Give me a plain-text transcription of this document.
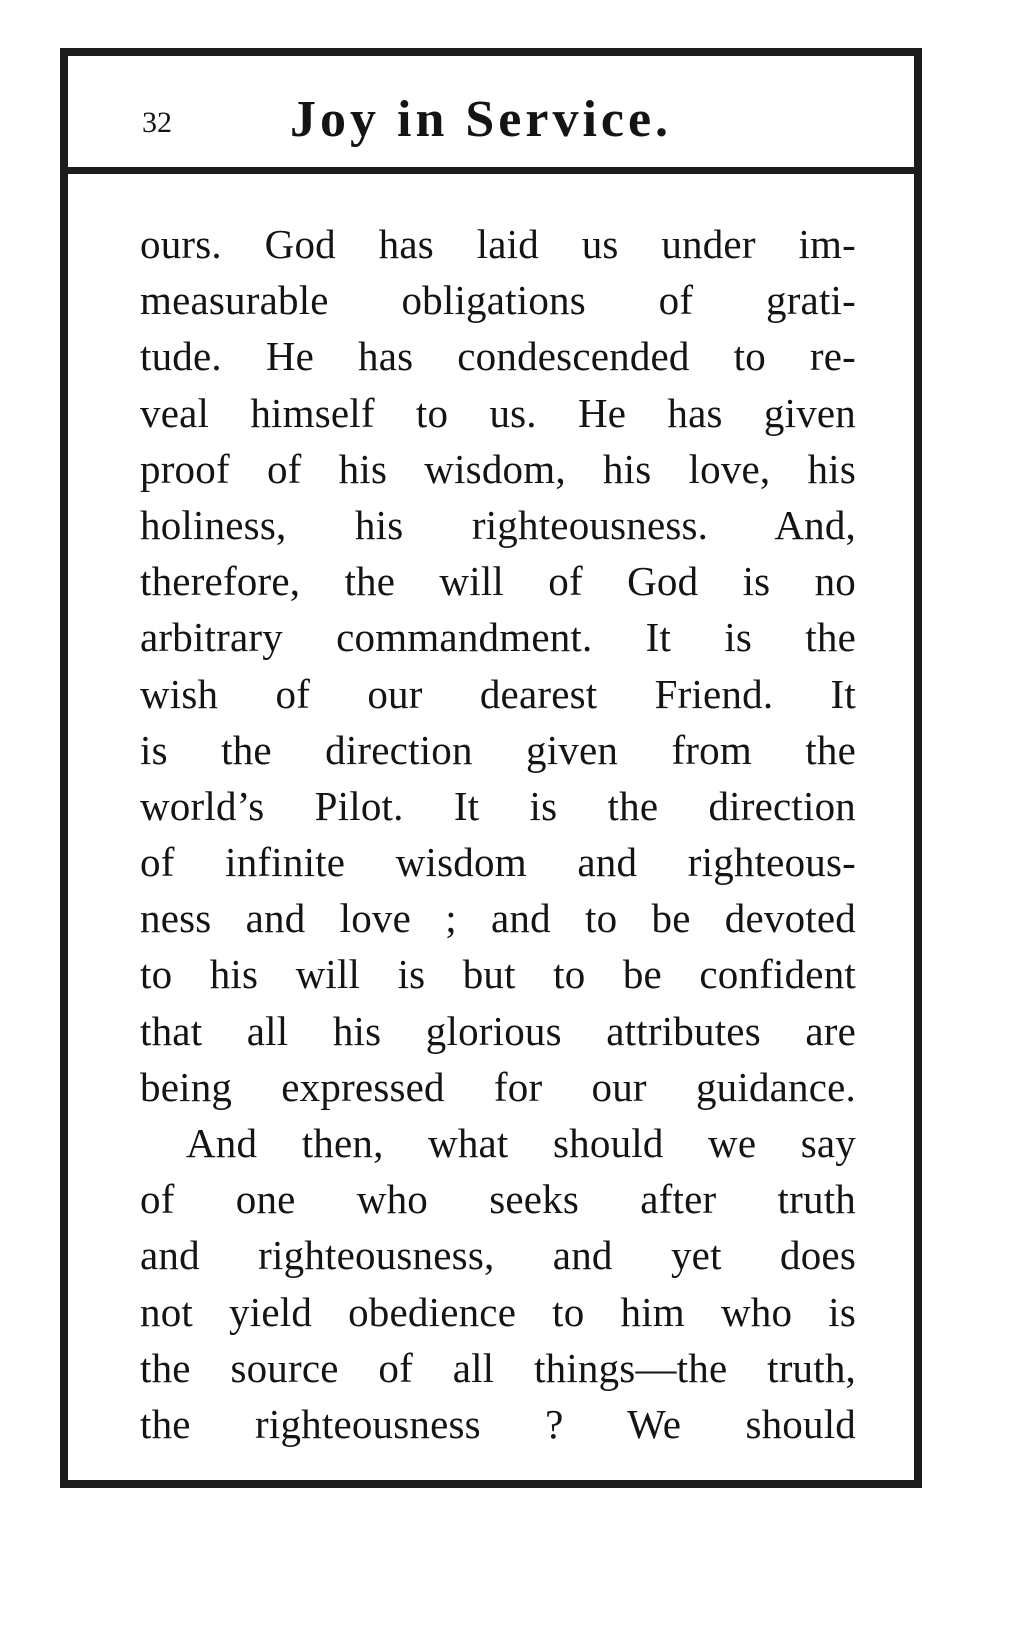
32 Joy in Service.
ours. God has laid us under im-
measurable obligations of grati-
tude. He has condescended to re-
veal himself to us. He has given
proof of his wisdom, his love, his
holiness, his righteousness. And,
therefore, the will of God is no
arbitrary commandment. It is the
wish of our dearest Friend. It
is the direction given from the
world’s Pilot. It is the direction
of infinite wisdom and righteous-
ness and love ; and to be devoted
to his will is but to be confident
that all his glorious attributes are
being expressed for our guidance.
And then, what should we say
of one who seeks after truth
and righteousness, and yet does
not yield obedience to him who is
the source of all things—the truth,
the righteousness ? We should
